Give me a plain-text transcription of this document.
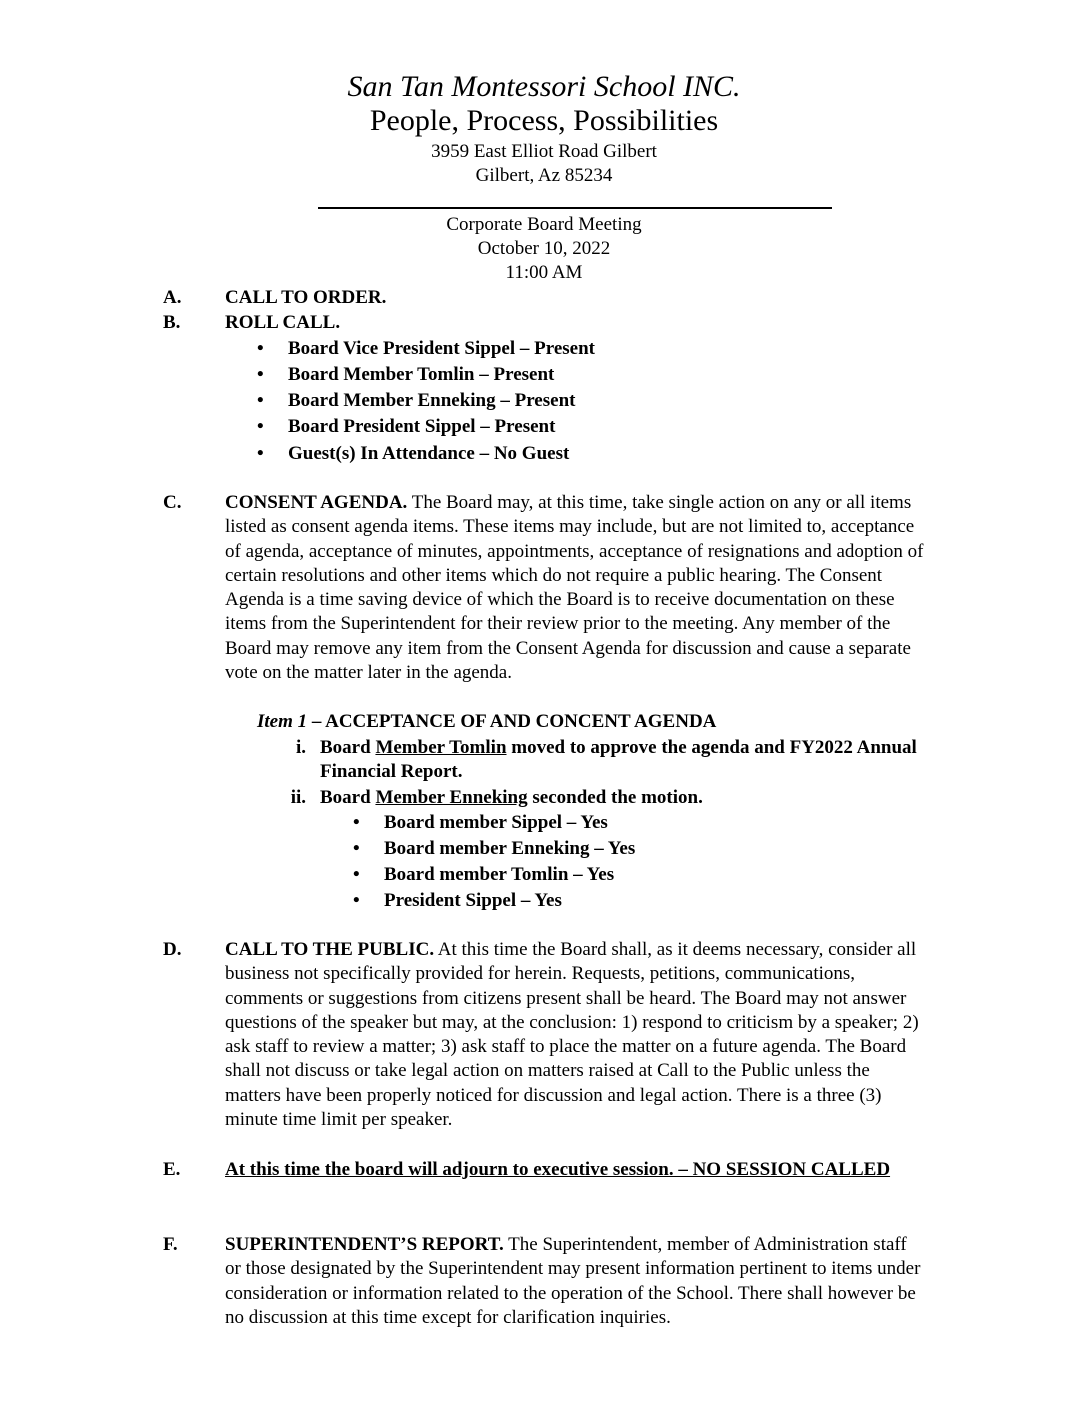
San Tan Montessori School INC.
People, Process, Possibilities
3959 East Elliot Road Gilbert
Gilbert, Az 85234
Corporate Board Meeting
October 10, 2022
11:00 AM
A. CALL TO ORDER.
B. ROLL CALL.
• Board Vice President Sippel – Present
• Board Member Tomlin – Present
• Board Member Enneking – Present
• Board President Sippel – Present
• Guest(s) In Attendance – No Guest
C. CONSENT AGENDA. The Board may, at this time, take single action on any or all items
listed as consent agenda items. These items may include, but are not limited to, acceptance
of agenda, acceptance of minutes, appointments, acceptance of resignations and adoption of
certain resolutions and other items which do not require a public hearing. The Consent
Agenda is a time saving device of which the Board is to receive documentation on these
items from the Superintendent for their review prior to the meeting. Any member of the
Board may remove any item from the Consent Agenda for discussion and cause a separate
vote on the matter later in the agenda.
Item 1 – ACCEPTANCE OF AND CONCENT AGENDA
i. Board Member Tomlin moved to approve the agenda and FY2022 Annual
Financial Report.
ii. Board Member Enneking seconded the motion.
• Board member Sippel – Yes
• Board member Enneking – Yes
• Board member Tomlin – Yes
• President Sippel – Yes
D. CALL TO THE PUBLIC. At this time the Board shall, as it deems necessary, consider all
business not specifically provided for herein. Requests, petitions, communications,
comments or suggestions from citizens present shall be heard. The Board may not answer
questions of the speaker but may, at the conclusion: 1) respond to criticism by a speaker; 2)
ask staff to review a matter; 3) ask staff to place the matter on a future agenda. The Board
shall not discuss or take legal action on matters raised at Call to the Public unless the
matters have been properly noticed for discussion and legal action. There is a three (3)
minute time limit per speaker.
E. At this time the board will adjourn to executive session. – NO SESSION CALLED
F. SUPERINTENDENT’S REPORT. The Superintendent, member of Administration staff
or those designated by the Superintendent may present information pertinent to items under
consideration or information related to the operation of the School. There shall however be
no discussion at this time except for clarification inquiries.
